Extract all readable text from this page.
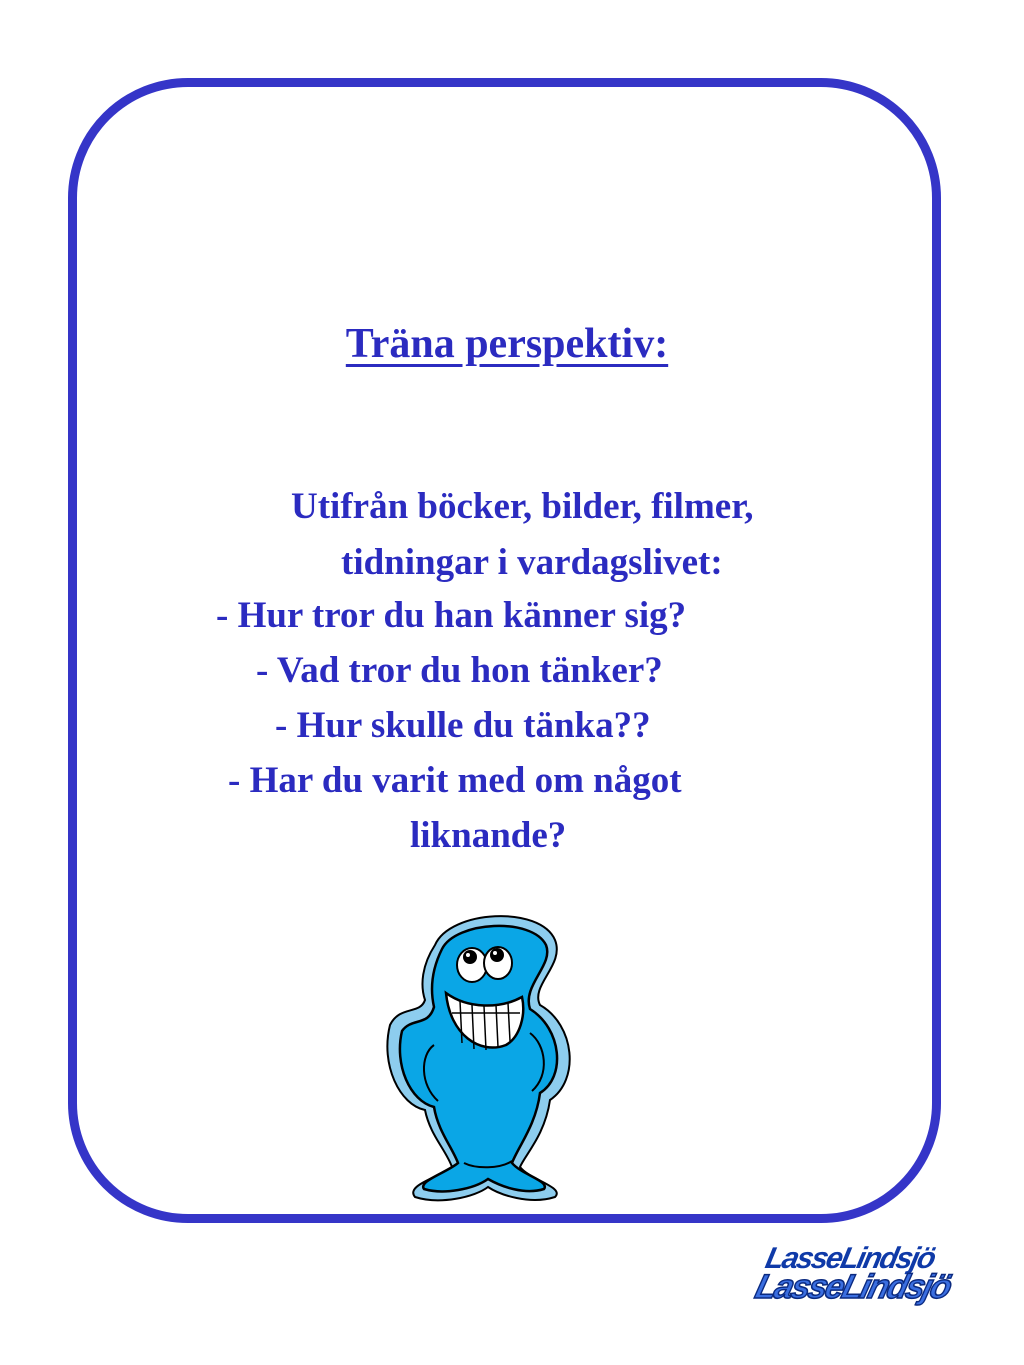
Träna perspektiv:

Utifrån böcker, bilder, filmer,

tidningar i vardagslivet:

- Hur tror du han känner sig?

- Vad tror du hon tänker?

- Hur skulle du tänka??

- Har du varit med om något

liknande?

LasseLindsjö
LasseLindsjö
